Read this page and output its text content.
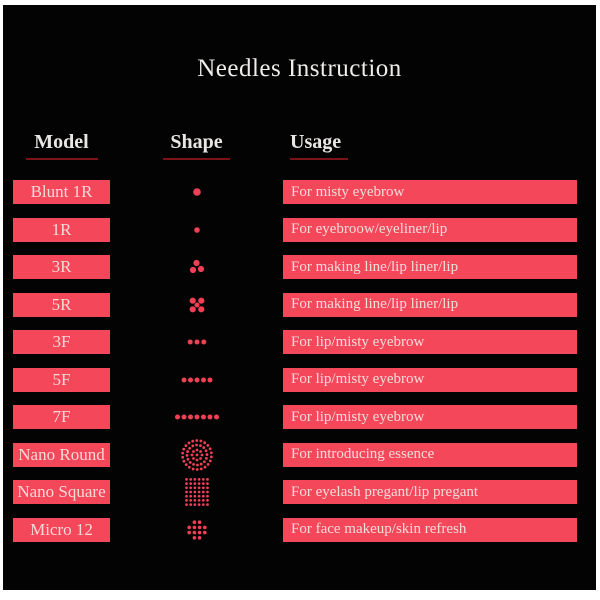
Needles Instruction
Model	Shape	Usage
Blunt 1R	For misty eyebrow
1R	For eyebroow/eyeliner/lip
3R	For making line/lip liner/lip
5R	For making line/lip liner/lip
3F	For lip/misty eyebrow
5F	For lip/misty eyebrow
7F	For lip/misty eyebrow
Nano Round	For introducing essence
Nano Square	For eyelash pregant/lip pregant
Micro 12	For face makeup/skin refresh
